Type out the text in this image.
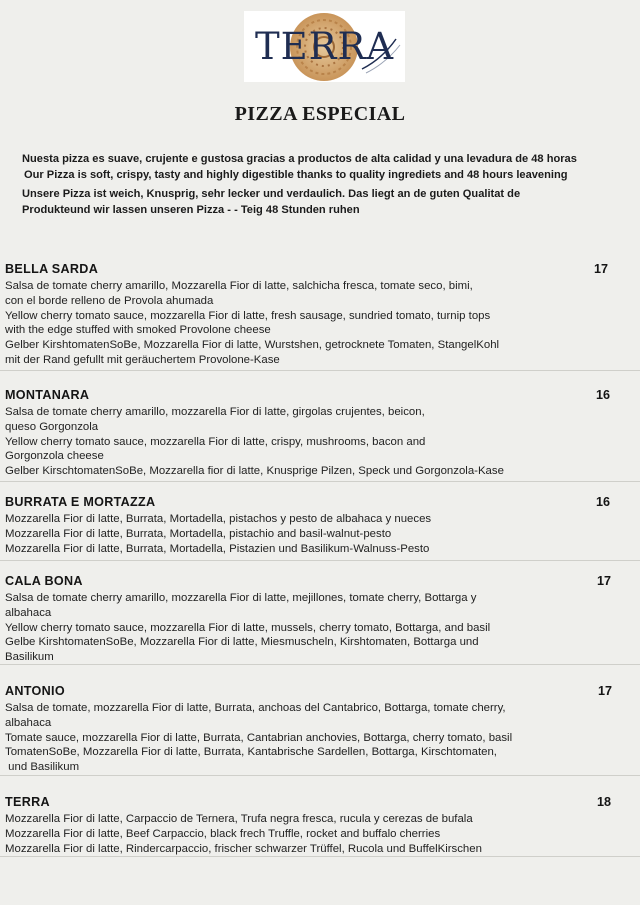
TERRA
PIZZA ESPECIAL

Nuesta pizza es suave, crujente e gustosa gracias a productos de alta calidad y una levadura de 48 horas

Our Pizza is soft, crispy, tasty and highly digestible thanks to quality ingrediets and 48 hours leavening

Unsere Pizza ist weich, Knusprig, sehr lecker und verdaulich. Das liegt an de guten Qualitat de
Produkteund wir lassen unseren Pizza - - Teig 48 Stunden ruhen

BELLA SARDA	17
Salsa de tomate cherry amarillo, Mozzarella Fior di latte, salchicha fresca, tomate seco, bimi,
con el borde relleno de Provola ahumada
Yellow cherry tomato sauce, mozzarella Fior di latte, fresh sausage, sundried tomato, turnip tops
with the edge stuffed with smoked Provolone cheese
Gelber KirshtomatenSoBe, Mozzarella Fior di latte, Wurstshen, getrocknete Tomaten, StangelKohl
mit der Rand gefullt mit geräuchertem Provolone-Kase
MONTANARA	16
Salsa de tomate cherry amarillo, mozzarella Fior di latte, girgolas crujentes, beicon,
queso Gorgonzola
Yellow cherry tomato sauce, mozzarella Fior di latte, crispy, mushrooms, bacon and
Gorgonzola cheese
Gelber KirschtomatenSoBe, Mozzarella fior di latte, Knusprige Pilzen, Speck und Gorgonzola-Kase
BURRATA E MORTAZZA	16
Mozzarella Fior di latte, Burrata, Mortadella, pistachos y pesto de albahaca y nueces
Mozzarella Fior di latte, Burrata, Mortadella, pistachio and basil-walnut-pesto
Mozzarella Fior di latte, Burrata, Mortadella, Pistazien und Basilikum-Walnuss-Pesto
CALA BONA	17
Salsa de tomate cherry amarillo, mozzarella Fior di latte, mejillones, tomate cherry, Bottarga y
albahaca
Yellow cherry tomato sauce, mozzarella Fior di latte, mussels, cherry tomato, Bottarga, and basil
Gelbe KirshtomatenSoBe, Mozzarella Fior di latte, Miesmuscheln, Kirshtomaten, Bottarga und
Basilikum
ANTONIO	17
Salsa de tomate, mozzarella Fior di latte, Burrata, anchoas del Cantabrico, Bottarga, tomate cherry,
albahaca
Tomate sauce, mozzarella Fior di latte, Burrata, Cantabrian anchovies, Bottarga, cherry tomato, basil
TomatenSoBe, Mozzarella Fior di latte, Burrata, Kantabrische Sardellen, Bottarga, Kirschtomaten,
und Basilikum
TERRA	18
Mozzarella Fior di latte, Carpaccio de Ternera, Trufa negra fresca, rucula y cerezas de bufala
Mozzarella Fior di latte, Beef Carpaccio, black frech Truffle, rocket and buffalo cherries
Mozzarella Fior di latte, Rindercarpaccio, frischer schwarzer Trüffel, Rucola und BuffelKirschen
